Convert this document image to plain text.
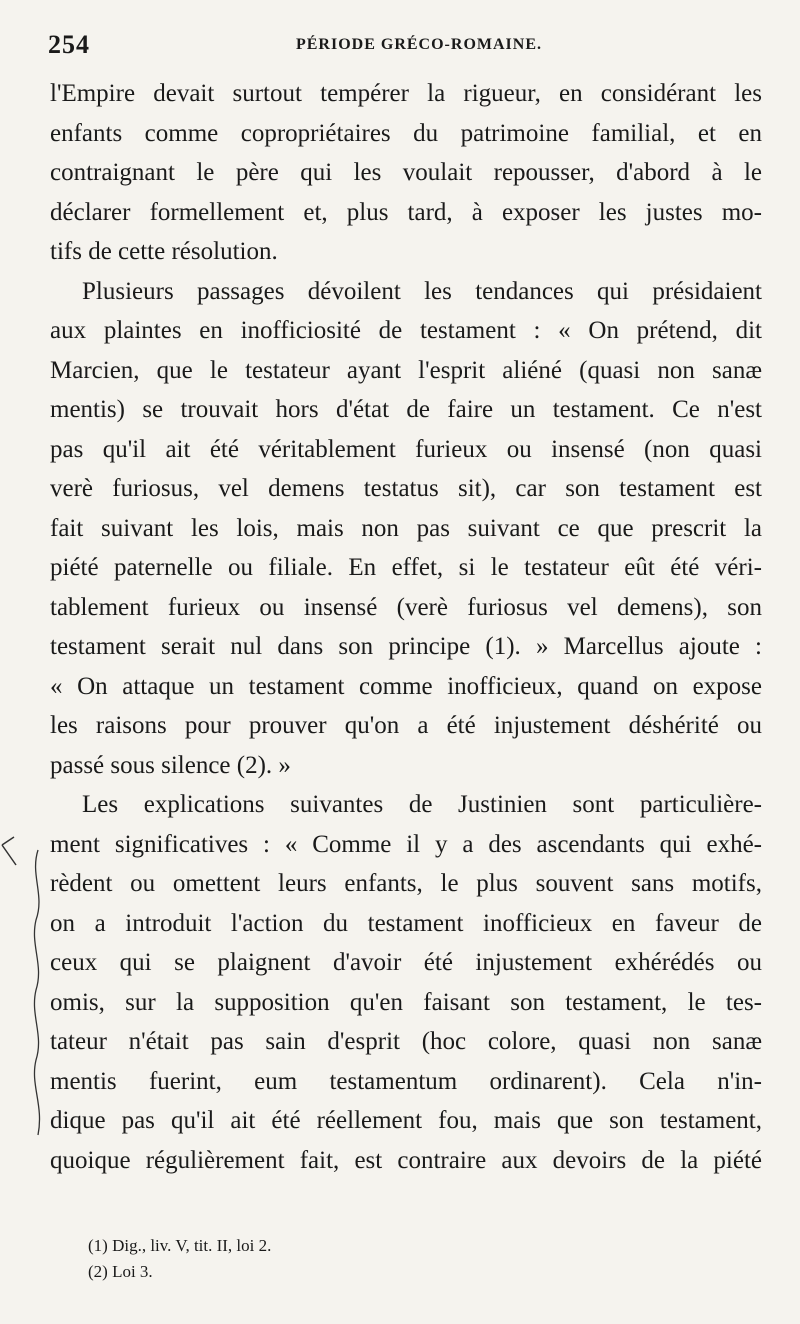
254	PÉRIODE GRÉCO-ROMAINE.
l'Empire devait surtout tempérer la rigueur, en considérant les
enfants comme copropriétaires du patrimoine familial, et en
contraignant le père qui les voulait repousser, d'abord à le
déclarer formellement et, plus tard, à exposer les justes mo-
tifs de cette résolution.
Plusieurs passages dévoilent les tendances qui présidaient
aux plaintes en inofficiosité de testament : « On prétend, dit
Marcien, que le testateur ayant l'esprit aliéné (quasi non sanæ
mentis) se trouvait hors d'état de faire un testament. Ce n'est
pas qu'il ait été véritablement furieux ou insensé (non quasi
verè furiosus, vel demens testatus sit), car son testament est
fait suivant les lois, mais non pas suivant ce que prescrit la
piété paternelle ou filiale. En effet, si le testateur eût été véri-
tablement furieux ou insensé (verè furiosus vel demens), son
testament serait nul dans son principe (1). » Marcellus ajoute :
« On attaque un testament comme inofficieux, quand on expose
les raisons pour prouver qu'on a été injustement déshérité ou
passé sous silence (2). »
Les explications suivantes de Justinien sont particulière-
ment significatives : « Comme il y a des ascendants qui exhé-
rèdent ou omettent leurs enfants, le plus souvent sans motifs,
on a introduit l'action du testament inofficieux en faveur de
ceux qui se plaignent d'avoir été injustement exhérédés ou
omis, sur la supposition qu'en faisant son testament, le tes-
tateur n'était pas sain d'esprit (hoc colore, quasi non sanæ
mentis fuerint, eum testamentum ordinarent). Cela n'in-
dique pas qu'il ait été réellement fou, mais que son testament,
quoique régulièrement fait, est contraire aux devoirs de la piété
(1) Dig., liv. V, tit. II, loi 2.
(2) Loi 3.
